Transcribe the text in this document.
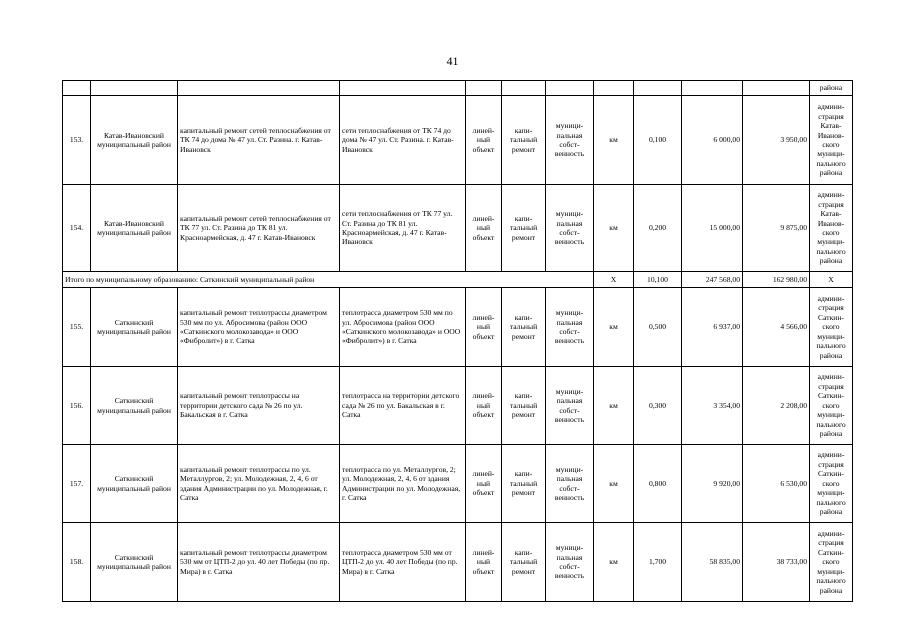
41
											района
153.	Катав-Ивановский муниципальный район	капитальный ремонт сетей теплоснабжения от ТК 74 до дома № 47 ул. Ст. Разина. г. Катав-Ивановск	сети теплоснабжения от ТК 74 до дома № 47 ул. Ст. Разина. г. Катав-Ивановск	линей-ный объект	капи-тальный ремонт	муници-пальная собст-венность	км	0,100	6 000,00	3 950,00	админи-страция Катав-Иванов-ского муници-пального района
154.	Катав-Ивановский муниципальный район	капитальный ремонт сетей теплоснабжения от ТК 77 ул. Ст. Разина до ТК 81 ул. Красноармейская, д. 47 г. Катав-Ивановск	сети теплоснабжения от ТК 77 ул. Ст. Разина до ТК 81 ул. Красноармейская, д. 47 г. Катав-Ивановск	линей-ный объект	капи-тальный ремонт	муници-пальная собст-венность	км	0,200	15 000,00	9 875,00	админи-страция Катав-Иванов-ского муници-пального района
Итого по муниципальному образованию: Саткинский муниципальный район							X	10,100	247 568,00	162 980,00	X
155.	Саткинский муниципальный район	капитальный ремонт теплотрассы диаметром 530 мм по ул. Абросимова (район ООО «Саткинского молокозавода» и ООО «Фибролит») в г. Сатка	теплотрасса диаметром 530 мм по ул. Абросимова (район ООО «Саткинского молокозавода» и ООО «Фибролит») в г. Сатка	линей-ный объект	капи-тальный ремонт	муници-пальная собст-венность	км	0,500	6 937,00	4 566,00	админи-страция Саткин-ского муници-пального района
156.	Саткинский муниципальный район	капитальный ремонт теплотрассы на территории детского сада № 26 по ул. Бакальская в г. Сатка	теплотрасса на территории детского сада № 26 по ул. Бакальская в г. Сатка	линей-ный объект	капи-тальный ремонт	муници-пальная собст-венность	км	0,300	3 354,00	2 208,00	админи-страция Саткин-ского муници-пального района
157.	Саткинский муниципальный район	капитальный ремонт теплотрассы по ул. Металлургов, 2; ул. Молодежная, 2, 4, 6 от здания Администрации по ул. Молодежная, г. Сатка	теплотрасса по ул. Металлургов, 2; ул. Молодежная, 2, 4, 6 от здания Администрации по ул. Молодежная, г. Сатка	линей-ный объект	капи-тальный ремонт	муници-пальная собст-венность	км	0,800	9 920,00	6 530,00	админи-страция Саткин-ского муници-пального района
158.	Саткинский муниципальный район	капитальный ремонт теплотрассы диаметром 530 мм от ЦТП-2 до ул. 40 лет Победы (по пр. Мира) в г. Сатка	теплотрасса диаметром 530 мм от ЦТП-2 до ул. 40 лет Победы (по пр. Мира) в г. Сатка	линей-ный объект	капи-тальный ремонт	муници-пальная собст-венность	км	1,700	58 835,00	38 733,00	админи-страция Саткин-ского муници-пального района
